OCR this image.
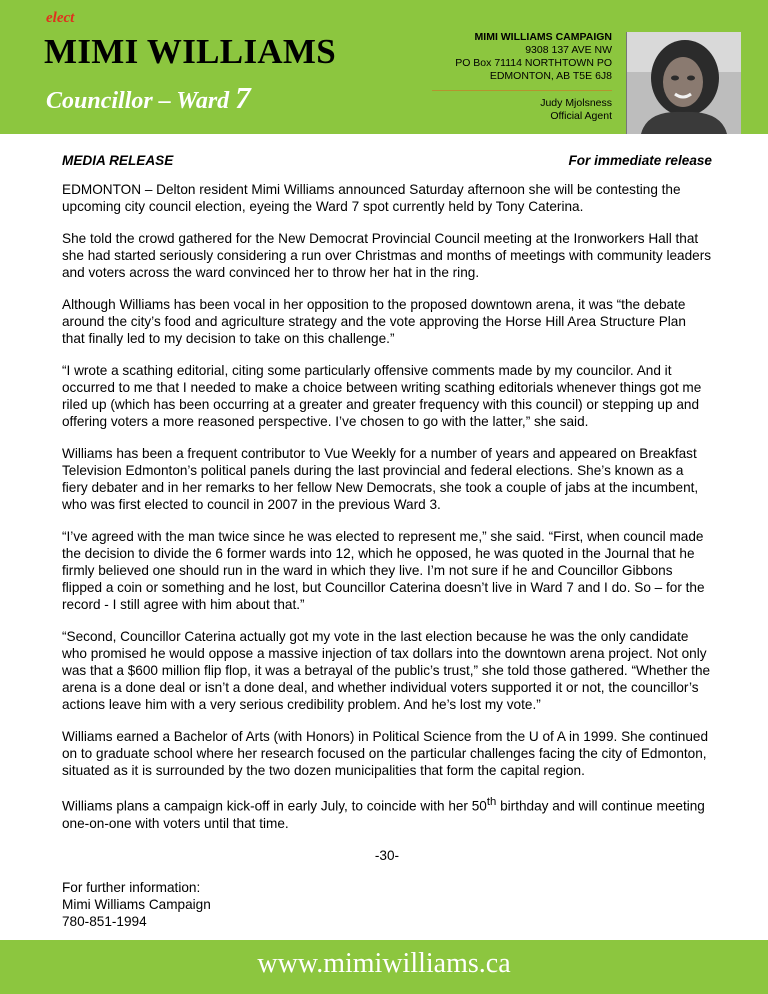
elect
MIMI WILLIAMS
Councillor – Ward 7
MIMI WILLIAMS CAMPAIGN
9308 137 AVE NW
PO Box 71114 NORTHTOWN PO
EDMONTON, AB T5E 6J8
Judy Mjolsness
Official Agent
MEDIA RELEASE	For immediate release

EDMONTON – Delton resident Mimi Williams announced Saturday afternoon she will be contesting the upcoming city council election, eyeing the Ward 7 spot currently held by Tony Caterina.

She told the crowd gathered for the New Democrat Provincial Council meeting at the Ironworkers Hall that she had started seriously considering a run over Christmas and months of meetings with community leaders and voters across the ward convinced her to throw her hat in the ring.

Although Williams has been vocal in her opposition to the proposed downtown arena, it was “the debate around the city’s food and agriculture strategy and the vote approving the Horse Hill Area Structure Plan that finally led to my decision to take on this challenge.”

“I wrote a scathing editorial, citing some particularly offensive comments made by my councilor. And it occurred to me that I needed to make a choice between writing scathing editorials whenever things got me riled up (which has been occurring at a greater and greater frequency with this council) or stepping up and offering voters a more reasoned perspective. I’ve chosen to go with the latter,” she said.

Williams has been a frequent contributor to Vue Weekly for a number of years and appeared on Breakfast Television Edmonton’s political panels during the last provincial and federal elections. She’s known as a fiery debater and in her remarks to her fellow New Democrats, she took a couple of jabs at the incumbent, who was first elected to council in 2007 in the previous Ward 3.

“I’ve agreed with the man twice since he was elected to represent me,” she said. “First, when council made the decision to divide the 6 former wards into 12, which he opposed, he was quoted in the Journal that he firmly believed one should run in the ward in which they live. I’m not sure if he and Councillor Gibbons flipped a coin or something and he lost, but Councillor Caterina doesn’t live in Ward 7 and I do. So – for the record - I still agree with him about that.”

“Second, Councillor Caterina actually got my vote in the last election because he was the only candidate who promised he would oppose a massive injection of tax dollars into the downtown arena project. Not only was that a $600 million flip flop, it was a betrayal of the public’s trust,” she told those gathered. “Whether the arena is a done deal or isn’t a done deal, and whether individual voters supported it or not, the councillor’s actions leave him with a very serious credibility problem. And he’s lost my vote.”

Williams earned a Bachelor of Arts (with Honors) in Political Science from the U of A in 1999. She continued on to graduate school where her research focused on the particular challenges facing the city of Edmonton, situated as it is surrounded by the two dozen municipalities that form the capital region.

Williams plans a campaign kick-off in early July, to coincide with her 50th birthday and will continue meeting one-on-one with voters until that time.

-30-

For further information:
Mimi Williams Campaign
780-851-1994
www.mimiwilliams.ca
